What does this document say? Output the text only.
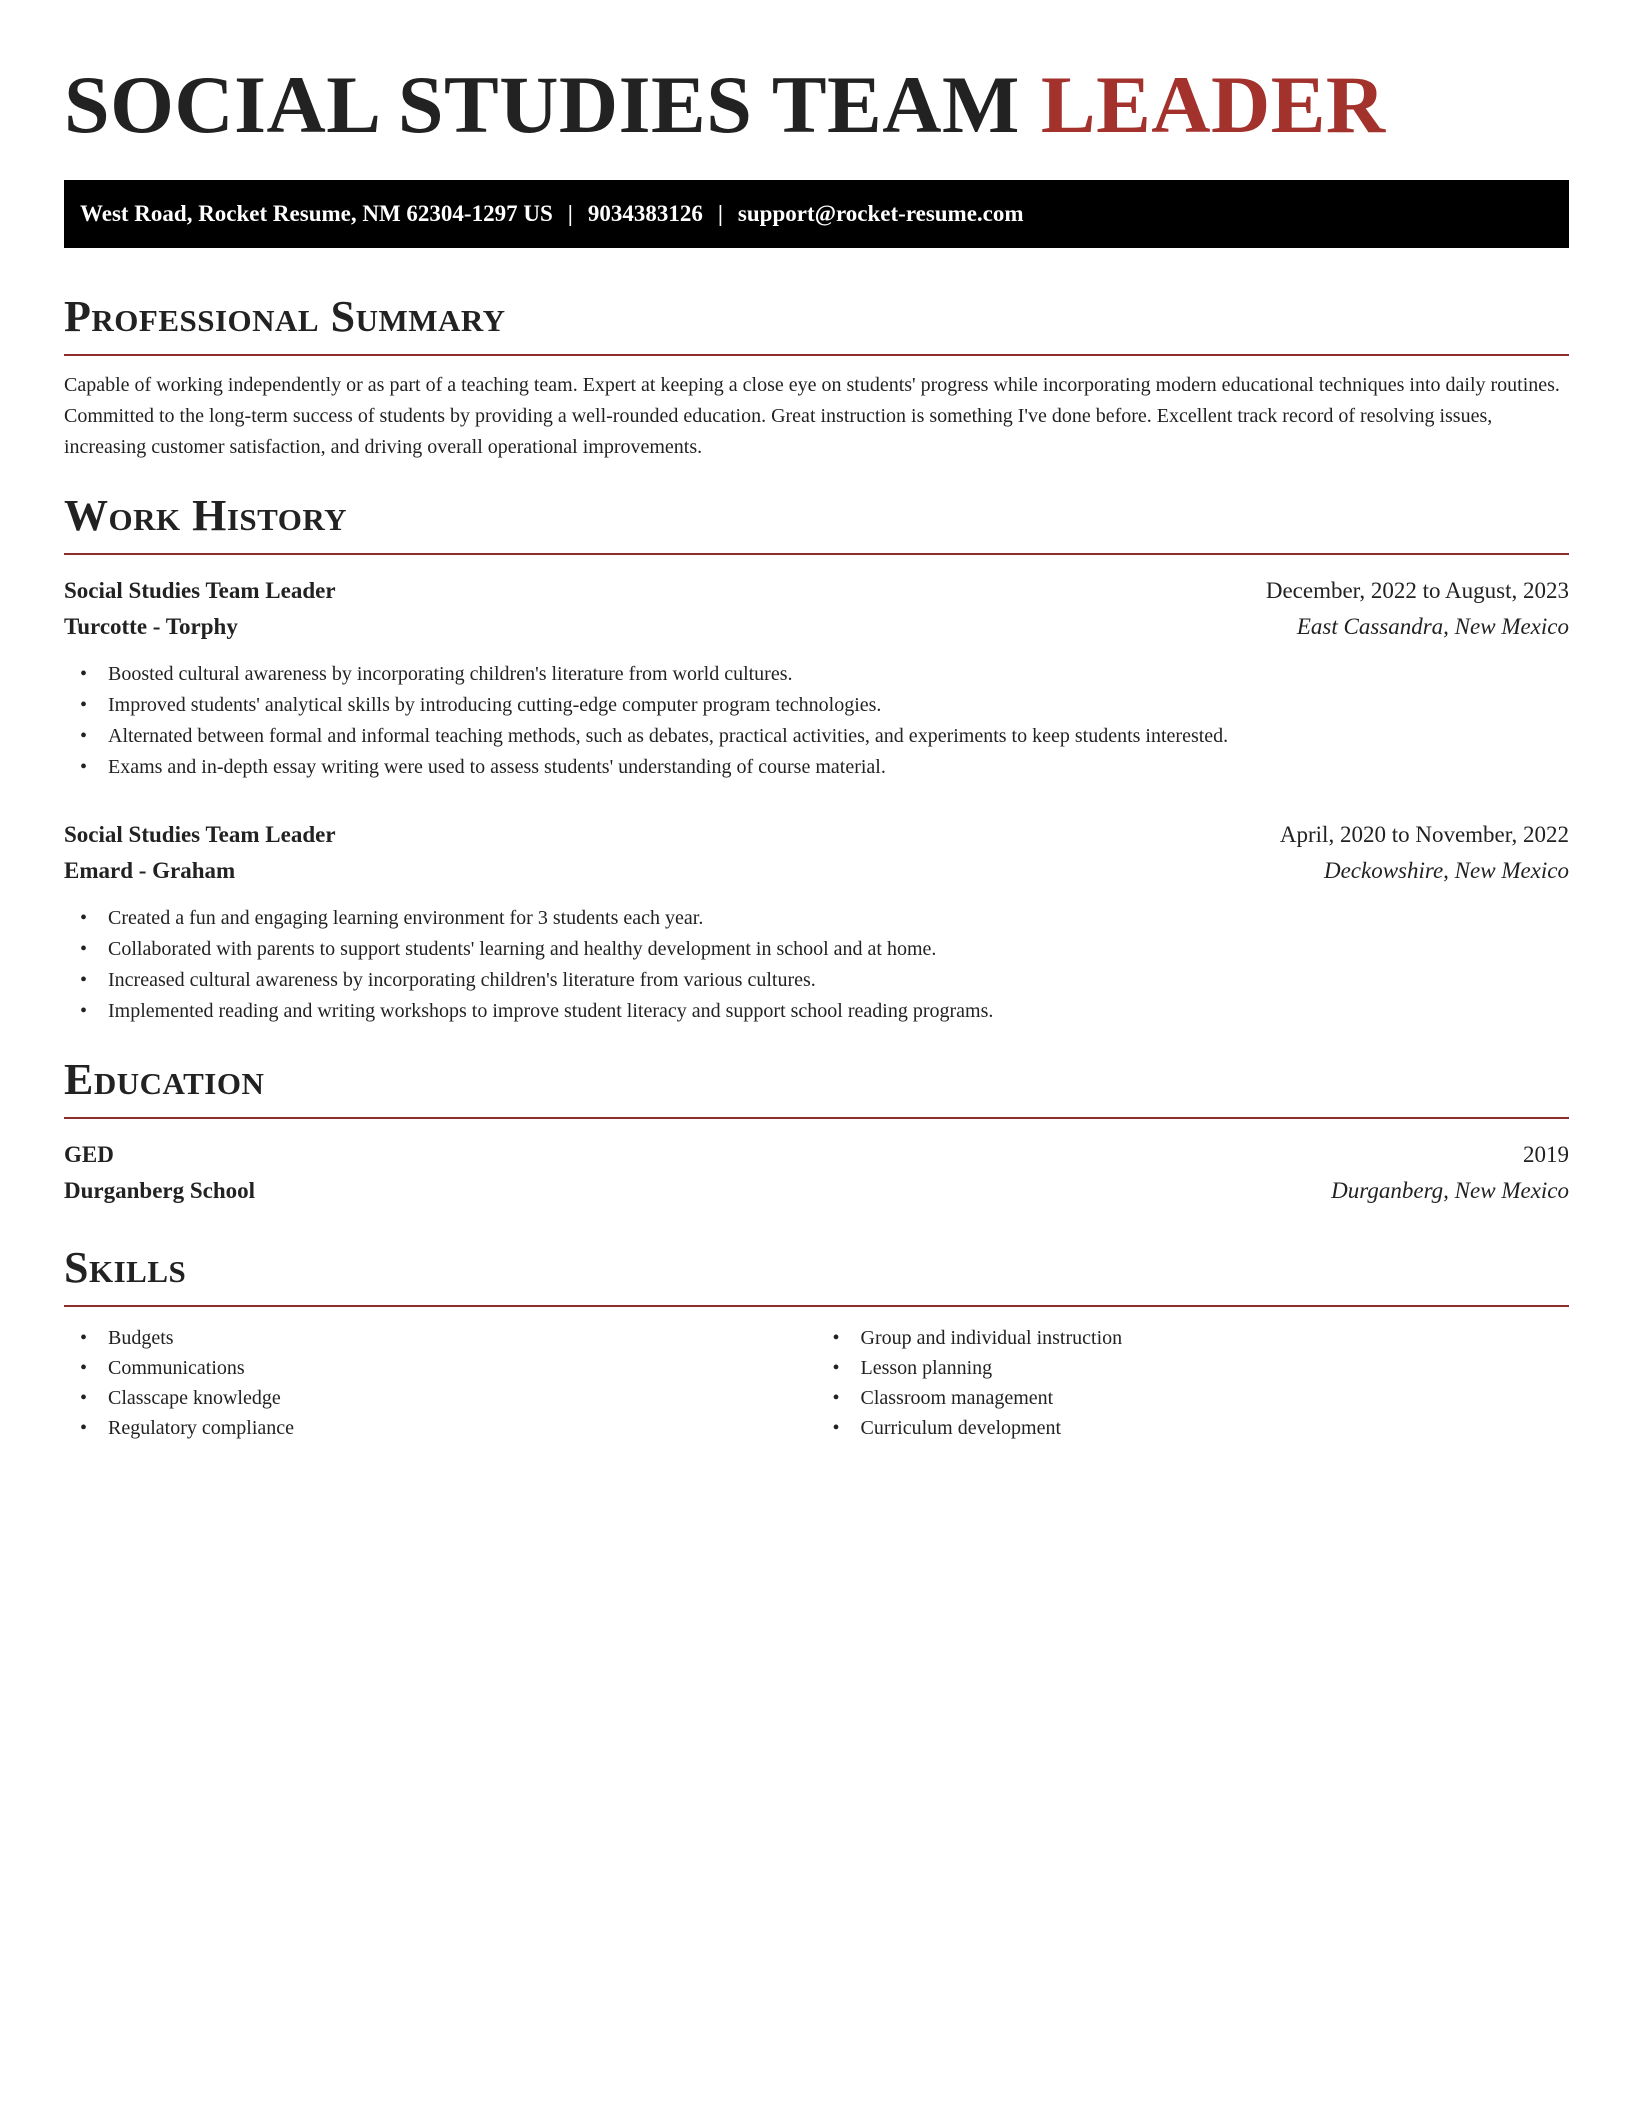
SOCIAL STUDIES TEAM LEADER
West Road, Rocket Resume, NM 62304-1297 US | 9034383126 | support@rocket-resume.com
Professional Summary

Capable of working independently or as part of a teaching team. Expert at keeping a close eye on students' progress while incorporating modern educational techniques into daily routines. Committed to the long-term success of students by providing a well-rounded education. Great instruction is something I've done before. Excellent track record of resolving issues, increasing customer satisfaction, and driving overall operational improvements.

Work History
Social Studies Team Leader	December, 2022 to August, 2023
Turcotte - Torphy	East Cassandra, New Mexico
• Boosted cultural awareness by incorporating children's literature from world cultures.
• Improved students' analytical skills by introducing cutting-edge computer program technologies.
• Alternated between formal and informal teaching methods, such as debates, practical activities, and experiments to keep students interested.
• Exams and in-depth essay writing were used to assess students' understanding of course material.
Social Studies Team Leader	April, 2020 to November, 2022
Emard - Graham	Deckowshire, New Mexico
• Created a fun and engaging learning environment for 3 students each year.
• Collaborated with parents to support students' learning and healthy development in school and at home.
• Increased cultural awareness by incorporating children's literature from various cultures.
• Implemented reading and writing workshops to improve student literacy and support school reading programs.
Education
GED	2019
Durganberg School	Durganberg, New Mexico
Skills
• Budgets
• Communications
• Classcape knowledge
• Regulatory compliance
• Group and individual instruction
• Lesson planning
• Classroom management
• Curriculum development
